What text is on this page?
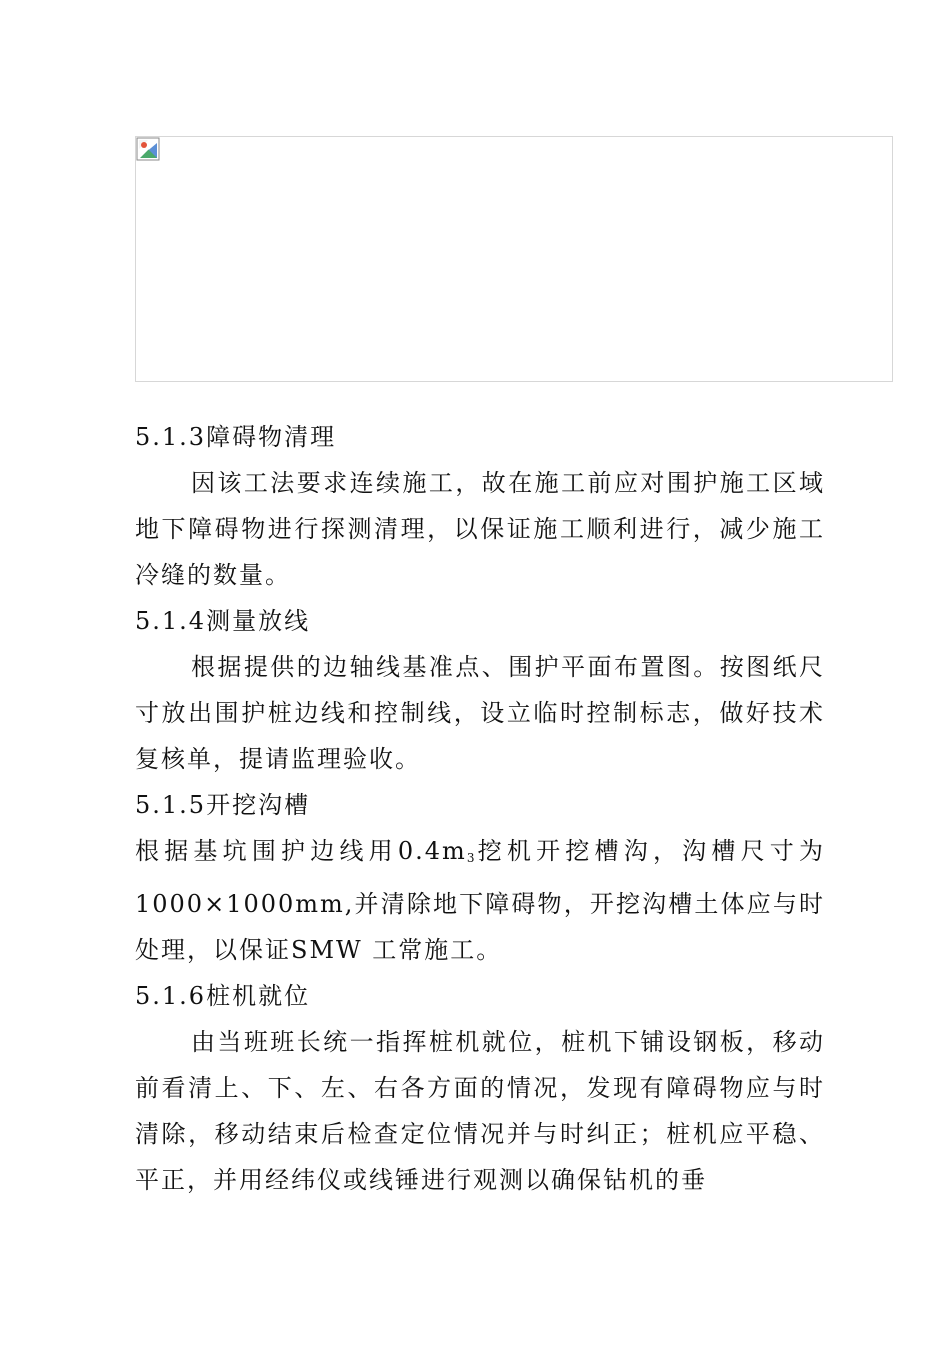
5.1.3障碍物清理

因该工法要求连续施工，故在施工前应对围护施工区域地下障碍物进行探测清理，以保证施工顺利进行，减少施工冷缝的数量。

5.1.4测量放线

根据提供的边轴线基准点、围护平面布置图。按图纸尺寸放出围护桩边线和控制线，设立临时控制标志，做好技术复核单，提请监理验收。

5.1.5开挖沟槽

根据基坑围护边线用$0.4m_3$挖机开挖槽沟，沟槽尺寸为1000×1000mm,并清除地下障碍物，开挖沟槽土体应与时处理，以保证SMW 工常施工。

5.1.6桩机就位

由当班班长统一指挥桩机就位，桩机下铺设钢板，移动前看清上、下、左、右各方面的情况，发现有障碍物应与时清除，移动结束后检查定位情况并与时纠正；桩机应平稳、平正，并用经纬仪或线锤进行观测以确保钻机的垂
